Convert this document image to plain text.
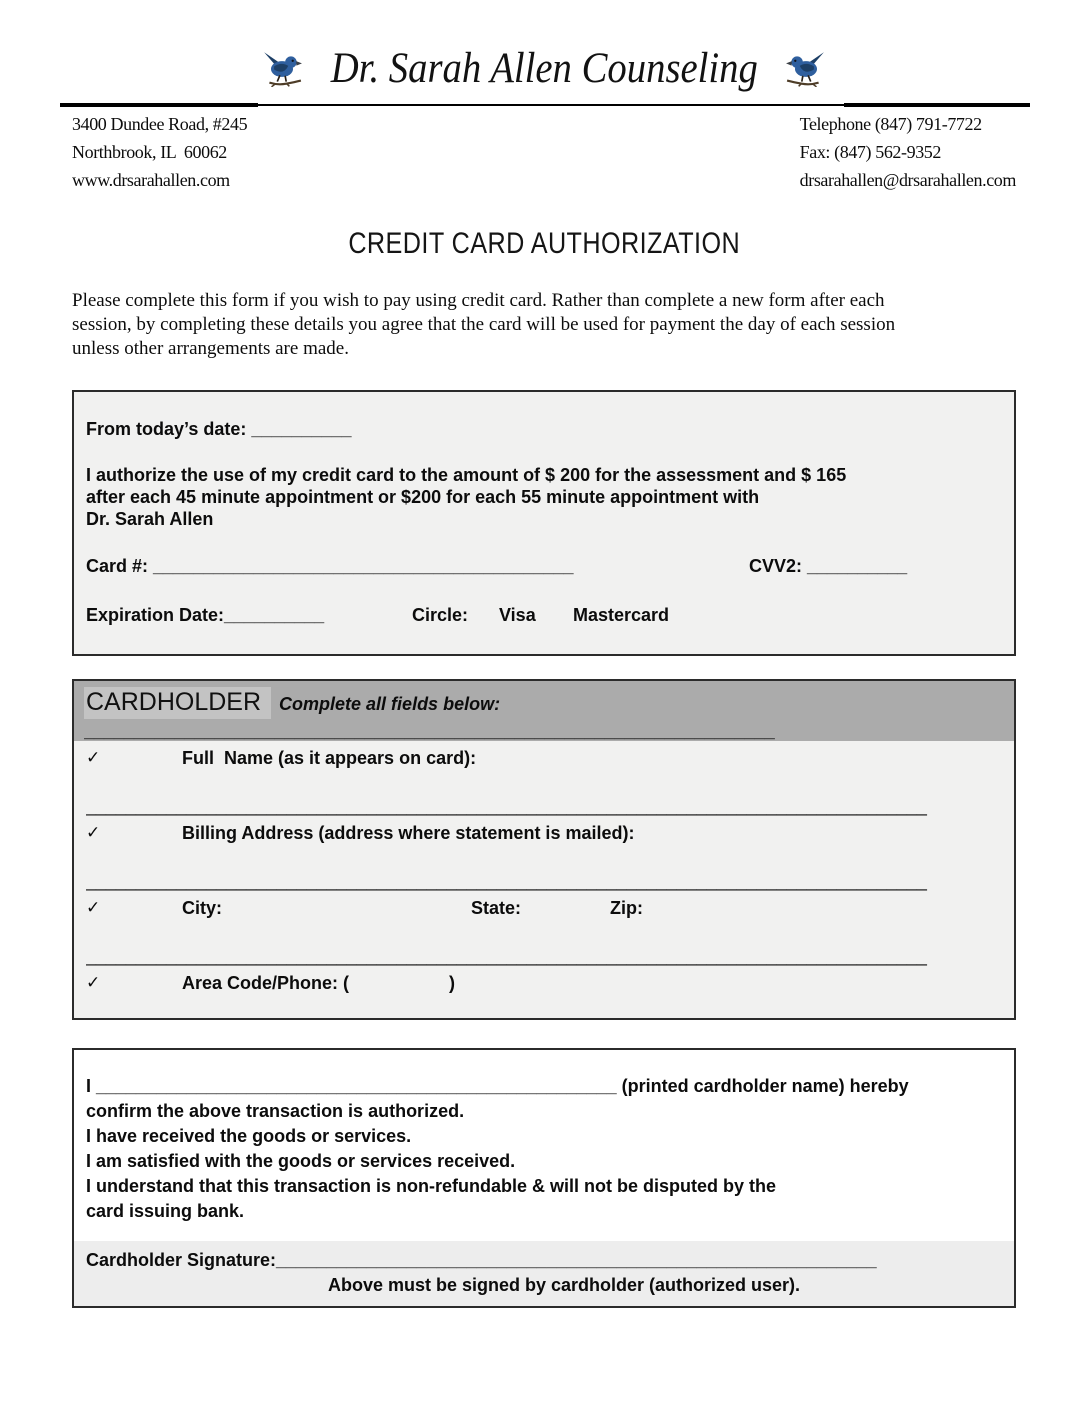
Dr. Sarah Allen Counseling
3400 Dundee Road, #245
Northbrook, IL  60062
www.drsarahallen.com
Telephone (847) 791-7722
Fax: (847) 562-9352
drsarahallen@drsarahallen.com
CREDIT CARD AUTHORIZATION
Please complete this form if you wish to pay using credit card. Rather than complete a new form after each
session, by completing these details you agree that the card will be used for payment the day of each session
unless other arrangements are made.
From today’s date: __________
I authorize the use of my credit card to the amount of $ 200 for the assessment and $ 165
after each 45 minute appointment or $200 for each 55 minute appointment with
Dr. Sarah Allen
Card #: __________________________________________	CVV2: __________
Expiration Date:__________	Circle: Visa Mastercard
CARDHOLDER	Complete all fields below:
_____________________________________________________________________
✓	Full  Name (as it appears on card):
____________________________________________________________________________________
✓	Billing Address (address where statement is mailed):
____________________________________________________________________________________
✓	City:	State:	Zip:
____________________________________________________________________________________
✓	Area Code/Phone: (                    )
I ____________________________________________________ (printed cardholder name) hereby
confirm the above transaction is authorized.
I have received the goods or services.
I am satisfied with the goods or services received.
I understand that this transaction is non-refundable & will not be disputed by the
card issuing bank.
Cardholder Signature:____________________________________________________________
Above must be signed by cardholder (authorized user).
